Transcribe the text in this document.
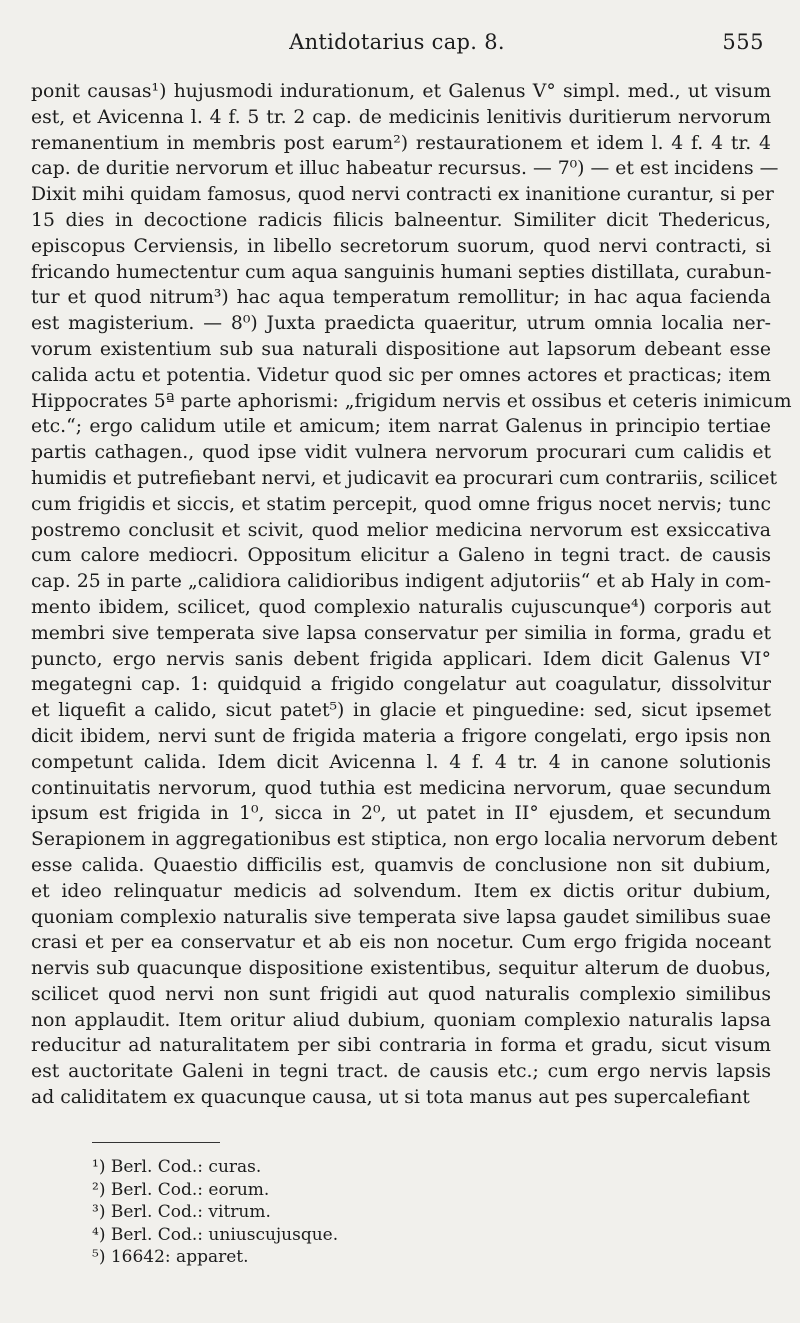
Antidotarius cap. 8.	555
ponit causas¹) hujusmodi indurationum, et Galenus V° simpl. med., ut visum
est, et Avicenna l. 4 f. 5 tr. 2 cap. de medicinis lenitivis duritierum nervorum
remanentium in membris post earum²) restaurationem et idem l. 4 f. 4 tr. 4
cap. de duritie nervorum et illuc habeatur recursus. — 7⁰) — et est incidens —
Dixit mihi quidam famosus, quod nervi contracti ex inanitione curantur, si per
15 dies in decoctione radicis filicis balneentur. Similiter dicit Thedericus,
episcopus Cerviensis, in libello secretorum suorum, quod nervi contracti, si
fricando humectentur cum aqua sanguinis humani septies distillata, curabun-
tur et quod nitrum³) hac aqua temperatum remollitur; in hac aqua facienda
est magisterium. — 8⁰) Juxta praedicta quaeritur, utrum omnia localia ner-
vorum existentium sub sua naturali dispositione aut lapsorum debeant esse
calida actu et potentia. Videtur quod sic per omnes actores et practicas; item
Hippocrates 5ª parte aphorismi: „frigidum nervis et ossibus et ceteris inimicum
etc.“; ergo calidum utile et amicum; item narrat Galenus in principio tertiae
partis cathagen., quod ipse vidit vulnera nervorum procurari cum calidis et
humidis et putrefiebant nervi, et judicavit ea procurari cum contrariis, scilicet
cum frigidis et siccis, et statim percepit, quod omne frigus nocet nervis; tunc
postremo conclusit et scivit, quod melior medicina nervorum est exsiccativa
cum calore mediocri. Oppositum elicitur a Galeno in tegni tract. de causis
cap. 25 in parte „calidiora calidioribus indigent adjutoriis“ et ab Haly in com-
mento ibidem, scilicet, quod complexio naturalis cujuscunque⁴) corporis aut
membri sive temperata sive lapsa conservatur per similia in forma, gradu et
puncto, ergo nervis sanis debent frigida applicari. Idem dicit Galenus VI°
megategni cap. 1: quidquid a frigido congelatur aut coagulatur, dissolvitur
et liquefit a calido, sicut patet⁵) in glacie et pinguedine: sed, sicut ipsemet
dicit ibidem, nervi sunt de frigida materia a frigore congelati, ergo ipsis non
competunt calida. Idem dicit Avicenna l. 4 f. 4 tr. 4 in canone solutionis
continuitatis nervorum, quod tuthia est medicina nervorum, quae secundum
ipsum est frigida in 1⁰, sicca in 2⁰, ut patet in II° ejusdem, et secundum
Serapionem in aggregationibus est stiptica, non ergo localia nervorum debent
esse calida. Quaestio difficilis est, quamvis de conclusione non sit dubium,
et ideo relinquatur medicis ad solvendum. Item ex dictis oritur dubium,
quoniam complexio naturalis sive temperata sive lapsa gaudet similibus suae
crasi et per ea conservatur et ab eis non nocetur. Cum ergo frigida noceant
nervis sub quacunque dispositione existentibus, sequitur alterum de duobus,
scilicet quod nervi non sunt frigidi aut quod naturalis complexio similibus
non applaudit. Item oritur aliud dubium, quoniam complexio naturalis lapsa
reducitur ad naturalitatem per sibi contraria in forma et gradu, sicut visum
est auctoritate Galeni in tegni tract. de causis etc.; cum ergo nervis lapsis
ad caliditatem ex quacunque causa, ut si tota manus aut pes supercalefiant
¹) Berl. Cod.: curas.
²) Berl. Cod.: eorum.
³) Berl. Cod.: vitrum.
⁴) Berl. Cod.: uniuscujusque.
⁵) 16642: apparet.
